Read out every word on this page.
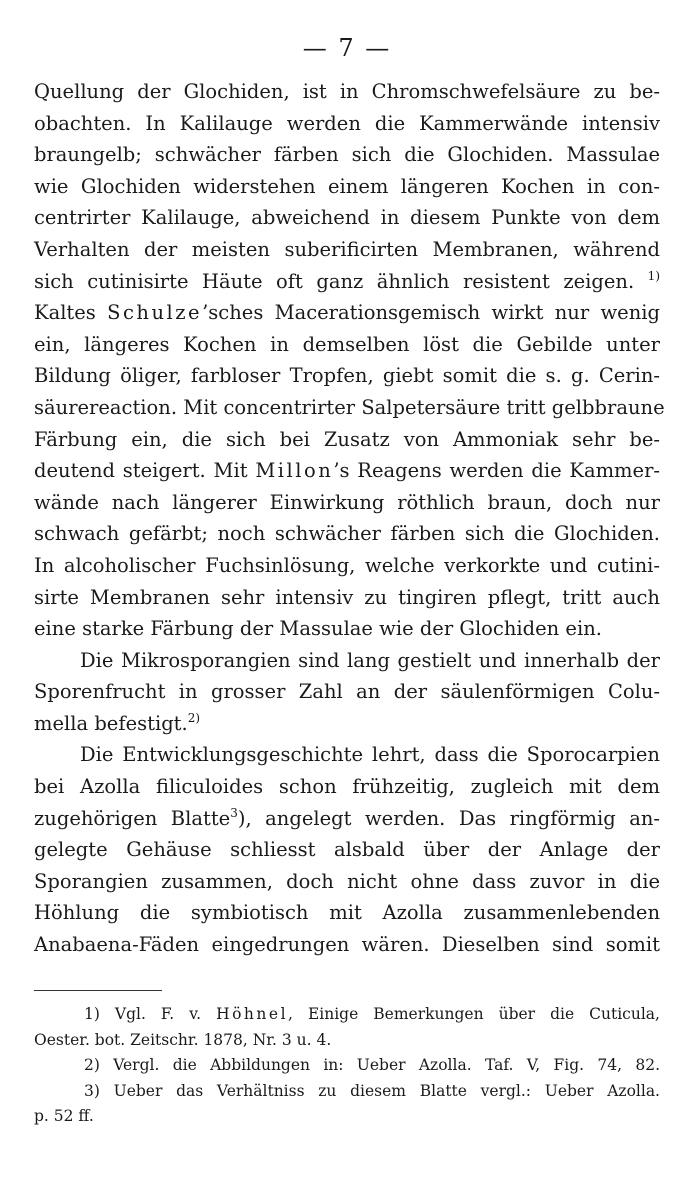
— 7 —
Quellung der Glochiden, ist in Chromschwefelsäure zu be-
obachten. In Kalilauge werden die Kammerwände intensiv
braungelb; schwächer färben sich die Glochiden. Massulae
wie Glochiden widerstehen einem längeren Kochen in con-
centrirter Kalilauge, abweichend in diesem Punkte von dem
Verhalten der meisten suberificirten Membranen, während
sich cutinisirte Häute oft ganz ähnlich resistent zeigen. $^{1)}$
Kaltes Schulze’sches Macerationsgemisch wirkt nur wenig
ein, längeres Kochen in demselben löst die Gebilde unter
Bildung öliger, farbloser Tropfen, giebt somit die s. g. Cerin-
säurereaction. Mit concentrirter Salpetersäure tritt gelbbraune
Färbung ein, die sich bei Zusatz von Ammoniak sehr be-
deutend steigert. Mit Millon’s Reagens werden die Kammer-
wände nach längerer Einwirkung röthlich braun, doch nur
schwach gefärbt; noch schwächer färben sich die Glochiden.
In alcoholischer Fuchsinlösung, welche verkorkte und cutini-
sirte Membranen sehr intensiv zu tingiren pflegt, tritt auch
eine starke Färbung der Massulae wie der Glochiden ein.
Die Mikrosporangien sind lang gestielt und innerhalb der
Sporenfrucht in grosser Zahl an der säulenförmigen Colu-
mella befestigt.$^{2)}$
Die Entwicklungsgeschichte lehrt, dass die Sporocarpien
bei Azolla filiculoides schon frühzeitig, zugleich mit dem
zugehörigen Blatte$^3$), angelegt werden. Das ringförmig an-
gelegte Gehäuse schliesst alsbald über der Anlage der
Sporangien zusammen, doch nicht ohne dass zuvor in die
Höhlung die symbiotisch mit Azolla zusammenlebenden
Anabaena-Fäden eingedrungen wären. Dieselben sind somit
1) Vgl. F. v. Höhnel, Einige Bemerkungen über die Cuticula,
Oester. bot. Zeitschr. 1878, Nr. 3 u. 4.
2) Vergl. die Abbildungen in: Ueber Azolla. Taf. V, Fig. 74, 82.
3) Ueber das Verhältniss zu diesem Blatte vergl.: Ueber Azolla.
p. 52 ff.
